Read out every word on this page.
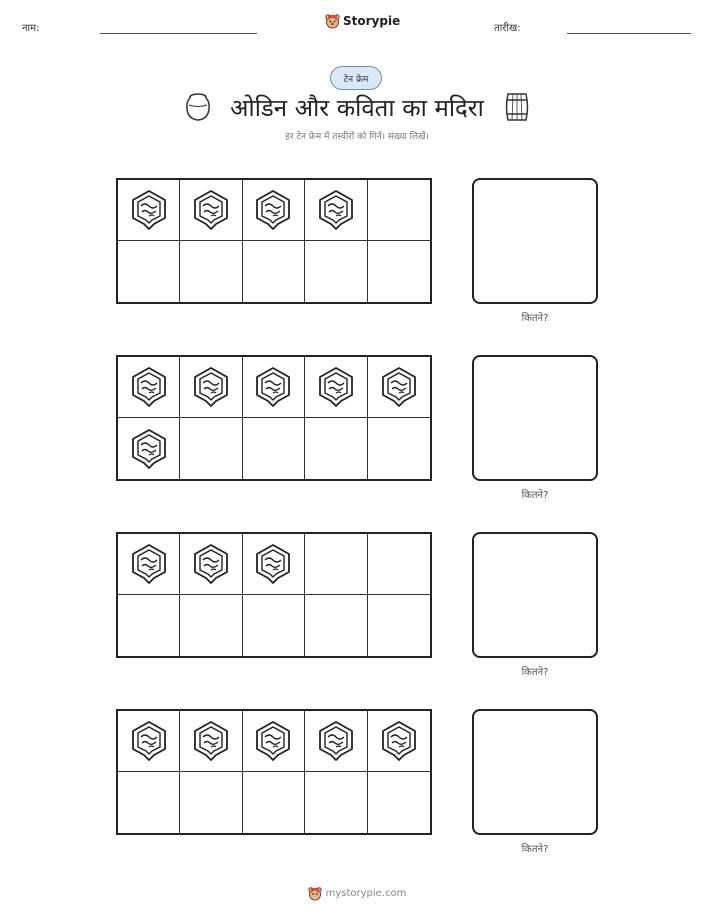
नाम:
Storypie
तारीख:
टेन फ्रेम
ओडिन और कविता का मदिरा
हर टेन फ्रेम में तस्वीरों को गिनें। संख्या लिखें।
कितने?
कितने?
कितने?
कितने?
mystorypie.com
